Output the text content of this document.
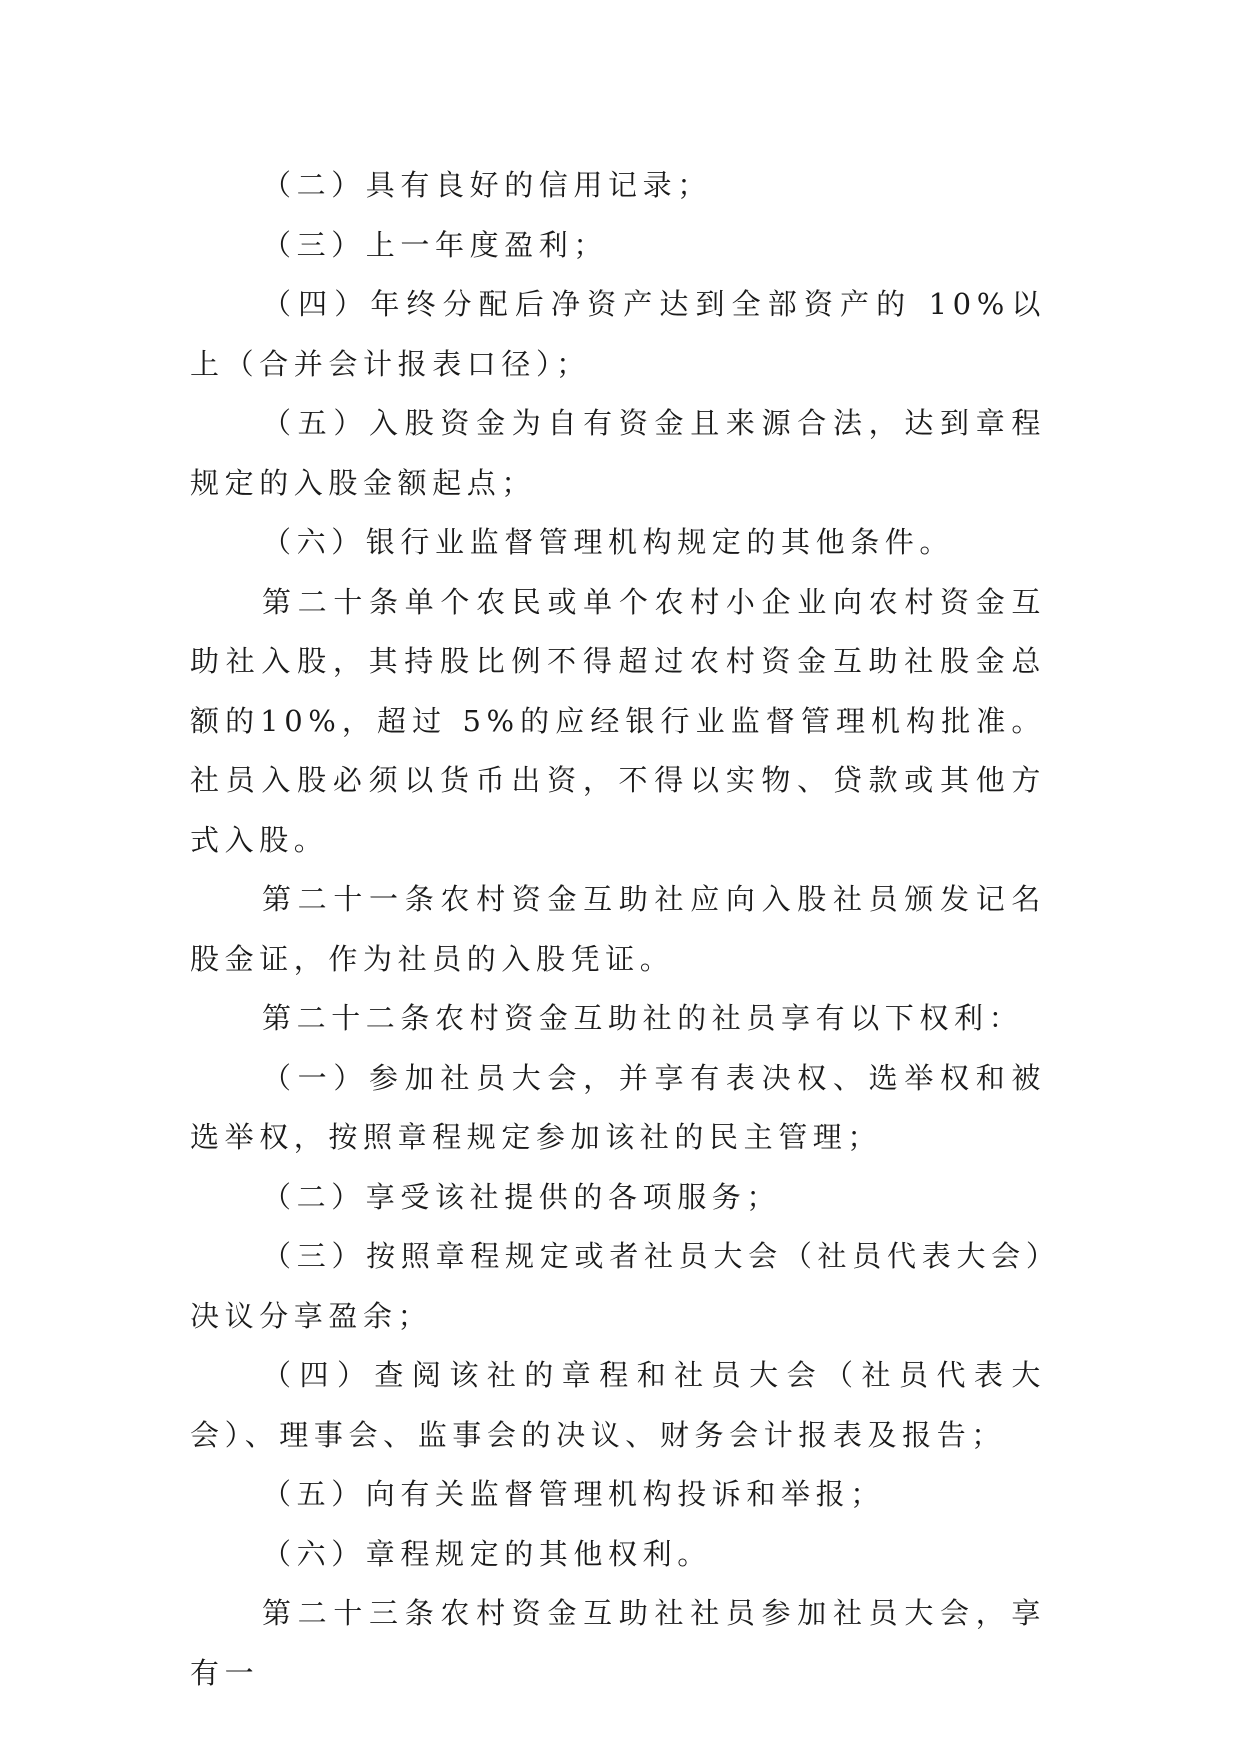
（二）具有良好的信用记录；

（三）上一年度盈利；

（四）年终分配后净资产达到全部资产的 10%以上（合并会计报表口径）；

（五）入股资金为自有资金且来源合法，达到章程规定的入股金额起点；

（六）银行业监督管理机构规定的其他条件。

第二十条单个农民或单个农村小企业向农村资金互助社入股，其持股比例不得超过农村资金互助社股金总额的10%，超过 5%的应经银行业监督管理机构批准。社员入股必须以货币出资，不得以实物、贷款或其他方式入股。

第二十一条农村资金互助社应向入股社员颁发记名股金证，作为社员的入股凭证。

第二十二条农村资金互助社的社员享有以下权利：

（一）参加社员大会，并享有表决权、选举权和被选举权，按照章程规定参加该社的民主管理；

（二）享受该社提供的各项服务；

（三）按照章程规定或者社员大会（社员代表大会）决议分享盈余；

（四）查阅该社的章程和社员大会（社员代表大会）、理事会、监事会的决议、财务会计报表及报告；

（五）向有关监督管理机构投诉和举报；

（六）章程规定的其他权利。

第二十三条农村资金互助社社员参加社员大会，享有一
